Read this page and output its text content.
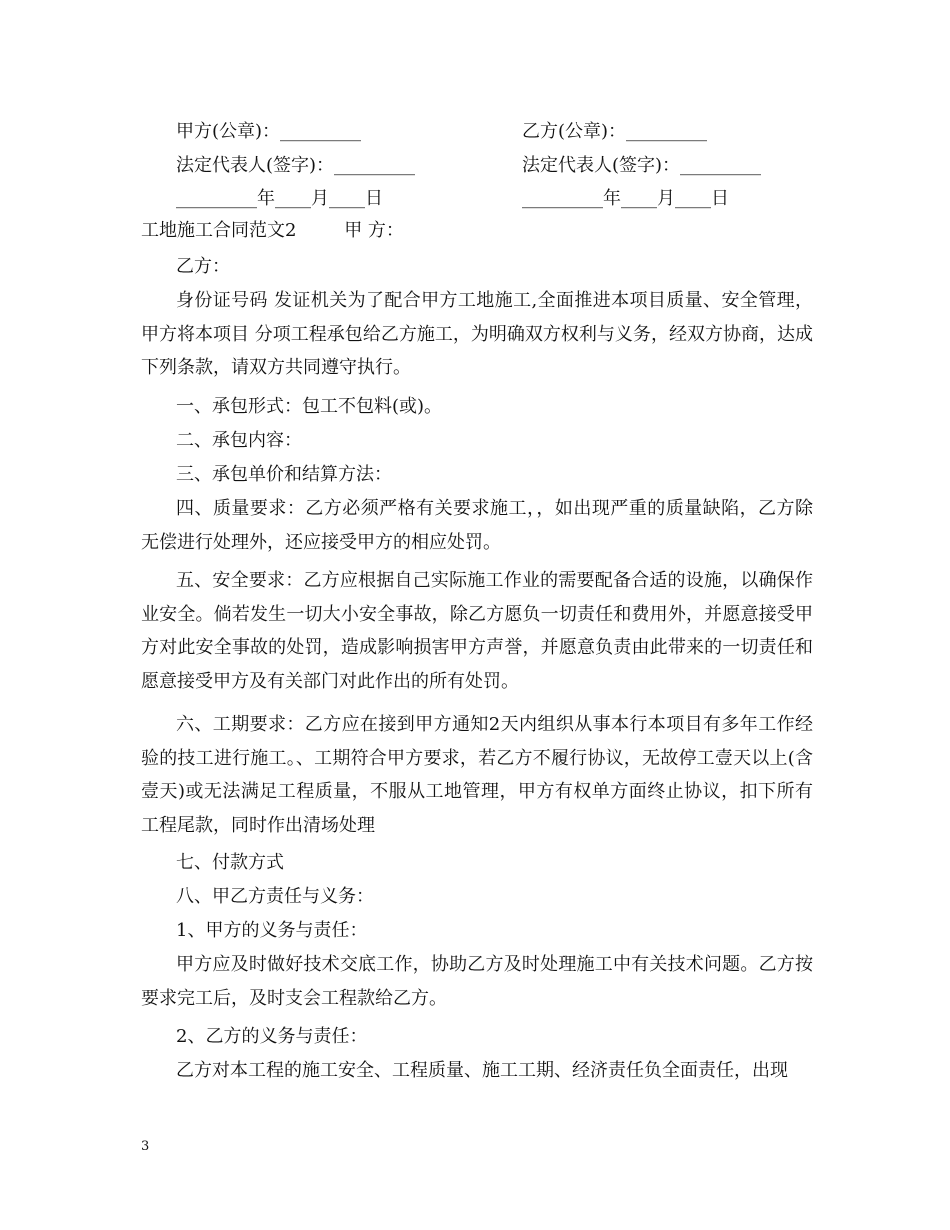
甲方(公章)：_________	乙方(公章)：_________
法定代表人(签字)：_________	法定代表人(签字)：_________
_________年____月____日	_________年____月____日
工地施工合同范文2	甲 方：

乙方：

身份证号码 发证机关为了配合甲方工地施工,全面推进本项目质量、安全管理，甲方将本项目 分项工程承包给乙方施工，为明确双方权利与义务，经双方协商，达成下列条款，请双方共同遵守执行。

一、承包形式：包工不包料(或)。

二、承包内容：

三、承包单价和结算方法：

四、质量要求：乙方必须严格有关要求施工，，如出现严重的质量缺陷，乙方除无偿进行处理外，还应接受甲方的相应处罚。

五、安全要求：乙方应根据自己实际施工作业的需要配备合适的设施，以确保作业安全。倘若发生一切大小安全事故，除乙方愿负一切责任和费用外，并愿意接受甲方对此安全事故的处罚，造成影响损害甲方声誉，并愿意负责由此带来的一切责任和愿意接受甲方及有关部门对此作出的所有处罚。

六、工期要求：乙方应在接到甲方通知2天内组织从事本行本项目有多年工作经验的技工进行施工。、工期符合甲方要求，若乙方不履行协议，无故停工壹天以上(含壹天)或无法满足工程质量，不服从工地管理，甲方有权单方面终止协议，扣下所有工程尾款，同时作出清场处理

七、付款方式

八、甲乙方责任与义务：

1、甲方的义务与责任：

甲方应及时做好技术交底工作，协助乙方及时处理施工中有关技术问题。乙方按要求完工后，及时支会工程款给乙方。

2、乙方的义务与责任：

乙方对本工程的施工安全、工程质量、施工工期、经济责任负全面责任，出现

3
